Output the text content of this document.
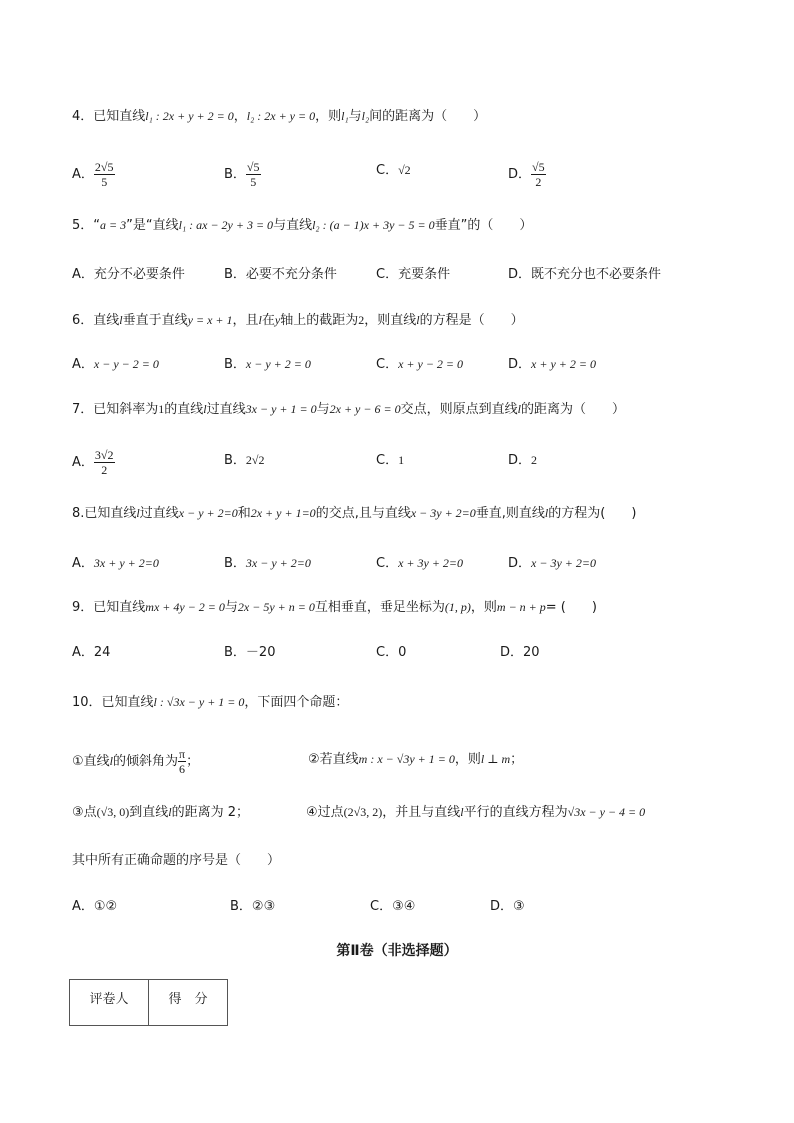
4．已知直线l₁ : 2x + y + 2 = 0，l₂ : 2x + y = 0，则l₁与l₂间的距离为（　　）
A． $\frac{2√5}{5}$	B． $\frac{√5}{5}$	C．√2	D． $\frac{√5}{2}$
5．“a = 3”是“直线l₁ : ax − 2y + 3 = 0与直线l₂ : (a − 1)x + 3y − 5 = 0垂直”的（　　）
A．充分不必要条件	B．必要不充分条件	C．充要条件	D．既不充分也不必要条件
6．直线l垂直于直线y = x + 1，且l在y轴上的截距为2，则直线l的方程是（　　）
A．x − y − 2 = 0	B．x − y + 2 = 0	C．x + y − 2 = 0	D．x + y + 2 = 0
7．已知斜率为1的直线l过直线3x − y + 1 = 0与2x + y − 6 = 0交点，则原点到直线l的距离为（　　）
A． $\frac{3√2}{2}$	B．2√2	C．1	D．2
8.已知直线l过直线x − y + 2=0和2x + y + 1=0的交点,且与直线x − 3y + 2=0垂直,则直线l的方程为(　　)
A．3x + y + 2=0	B．3x − y + 2=0	C．x + 3y + 2=0	D．x − 3y + 2=0
9．已知直线mx + 4y − 2 = 0与2x − 5y + n = 0互相垂直，垂足坐标为(1, p)，则m − n + p= (　　)
A．24	B．－20	C．0	D．20
10．已知直线l : √3x − y + 1 = 0，下面四个命题：
①直线l的倾斜角为 $\frac{\pi}{6}$ ；	②若直线m : x − √3y + 1 = 0，则l ⊥ m；
③点(√3, 0)到直线l的距离为 2；	④过点(2√3, 2)，并且与直线l平行的直线方程为√3x − y − 4 = 0
其中所有正确命题的序号是（　　）
A．①②	B．②③	C．③④	D．③
第Ⅱ卷（非选择题）
评卷人	得　分
